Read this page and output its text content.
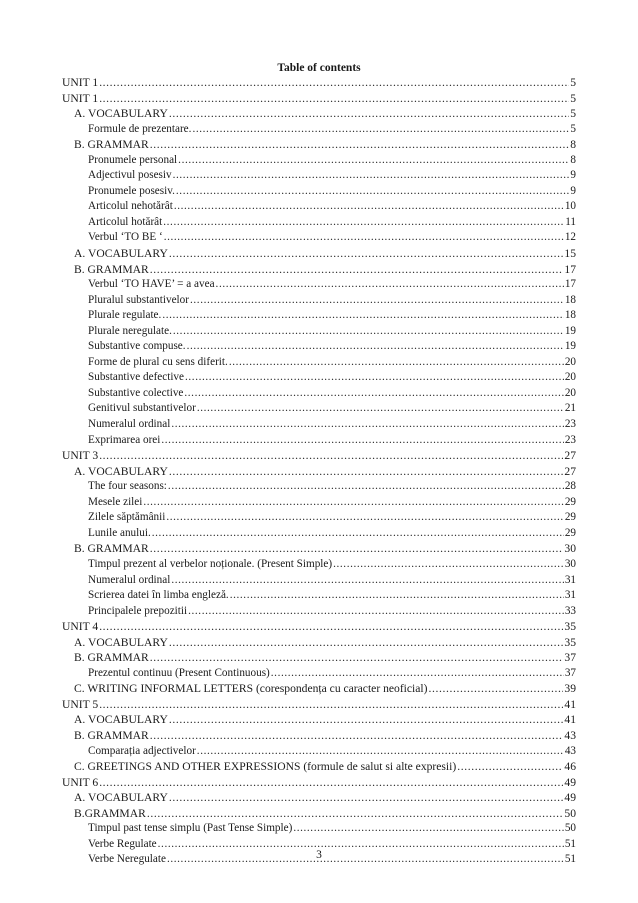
Table of contents
UNIT 1 .....	5
UNIT 1 .....	5
A. VOCABULARY .....	5
Formule de prezentare. .....	5
B. GRAMMAR .....	8
Pronumele personal .....	8
Adjectivul posesiv .....	9
Pronumele posesiv. .....	9
Articolul nehotărât .....	10
Articolul hotărât .....	11
Verbul ‘TO BE ‘ .....	12
A. VOCABULARY .....	15
B. GRAMMAR .....	17
Verbul ‘TO HAVE’ = a avea .....	17
Pluralul substantivelor .....	18
Plurale regulate. .....	18
Plurale neregulate. .....	19
Substantive compuse. .....	19
Forme de plural cu sens diferit. .....	20
Substantive defective .....	20
Substantive colective .....	20
Genitivul substantivelor .....	21
Numeralul ordinal .....	23
Exprimarea orei .....	23
UNIT 3 .....	27
A. VOCABULARY .....	27
The four seasons: .....	28
Mesele zilei .....	29
Zilele săptămânii .....	29
Lunile anului. .....	29
B. GRAMMAR .....	30
Timpul prezent al verbelor noționale. (Present Simple) .....	30
Numeralul ordinal .....	31
Scrierea datei în limba engleză. .....	31
Principalele prepozitii .....	33
UNIT 4 .....	35
A. VOCABULARY .....	35
B. GRAMMAR .....	37
Prezentul continuu (Present Continuous) .....	37
C. WRITING INFORMAL LETTERS (corespondența cu caracter neoficial) .....	39
UNIT 5 .....	41
A. VOCABULARY .....	41
B. GRAMMAR .....	43
Comparația adjectivelor .....	43
C. GREETINGS AND OTHER EXPRESSIONS (formule de salut si alte expresii) .....	46
UNIT 6 .....	49
A. VOCABULARY .....	49
B.GRAMMAR .....	50
Timpul past tense simplu (Past Tense Simple) .....	50
Verbe Regulate .....	51
Verbe Neregulate .....	51
3
